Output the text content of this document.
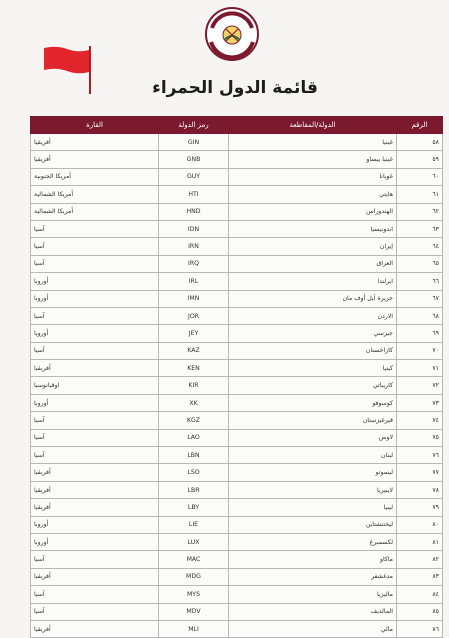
قائمة الدول الحمراء
القارة	رمز الدولة	الدولة/المقاطعة	الرقم
أفريقيا	GIN	غينيا	٥٨
أفريقيا	GNB	غينيا بيساو	٥٩
أمريكا الجنوبية	GUY	غويانا	٦٠
أمريكا الشمالية	HTI	هايتي	٦١
أمريكا الشمالية	HND	الهندوراس	٦٢
آسيا	IDN	اندونيسيا	٦٣
آسيا	IRN	إيران	٦٤
آسيا	IRQ	العراق	٦٥
أوروبا	IRL	ايرلندا	٦٦
أوروبا	IMN	جزيرة آيل أوف مان	٦٧
آسيا	JOR	الاردن	٦٨
أوروبا	JEY	جيرسي	٦٩
آسيا	KAZ	كازاخستان	٧٠
أفريقيا	KEN	كينيا	٧١
اوقيانوسيا	KIR	كاريباتي	٧٢
أوروبا	XK	كوسوفو	٧٣
آسيا	KGZ	قيرغيزستان	٧٤
آسيا	LAO	لاوس	٧٥
آسيا	LBN	لبنان	٧٦
أفريقيا	LSO	ليسوتو	٧٧
أفريقيا	LBR	لايبيريا	٧٨
أفريقيا	LBY	ليبيا	٧٩
أوروبا	LIE	ليختنشتاين	٨٠
أوروبا	LUX	لكسمبرغ	٨١
آسيا	MAC	ماكاو	٨٢
أفريقيا	MDG	مدغشقر	٨٣
آسيا	MYS	ماليزيا	٨٤
آسيا	MDV	المالديف	٨٥
أفريقيا	MLI	مالي	٨٦
